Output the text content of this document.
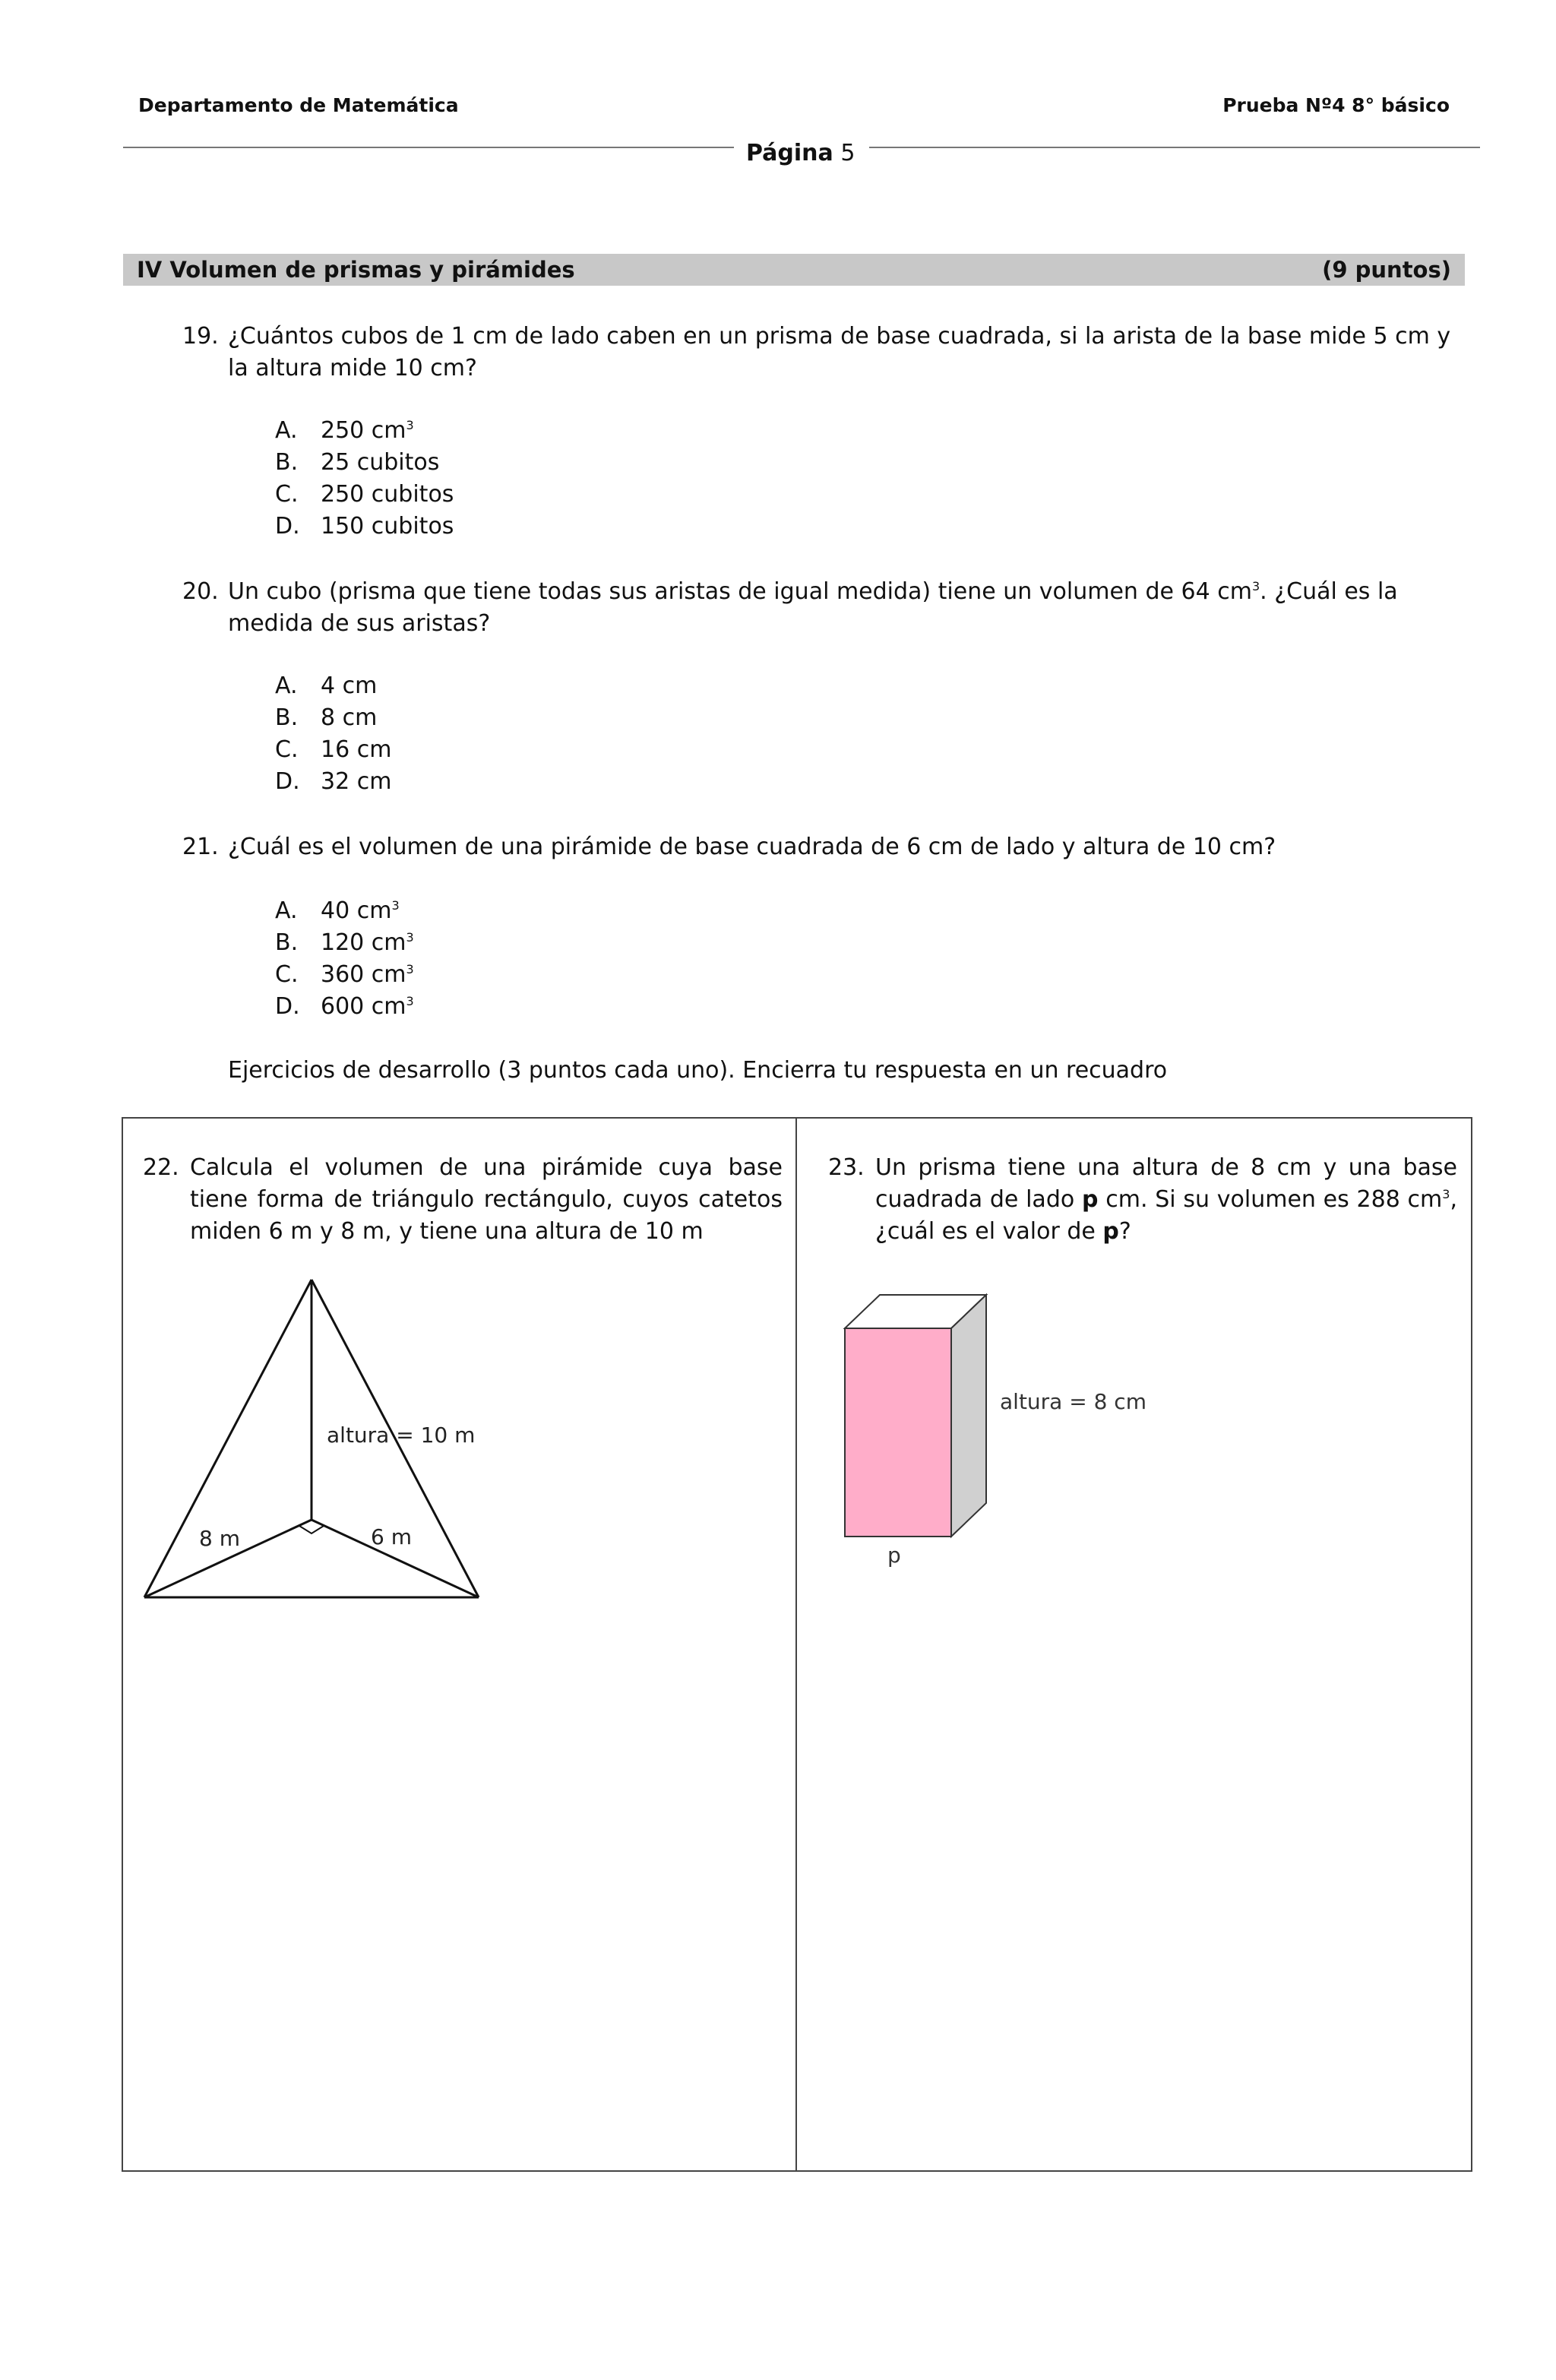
Departamento de Matemática	Prueba Nº4 8° básico
Página 5
IV Volumen de prismas y pirámides	(9 puntos)
19. ¿Cuántos cubos de 1 cm de lado caben en un prisma de base cuadrada, si la arista de la base mide 5 cm y la altura mide 10 cm?
A. 250 $cm^3$
B. 25 cubitos
C. 250 cubitos
D. 150 cubitos
20. Un cubo (prisma que tiene todas sus aristas de igual medida) tiene un volumen de 64 $cm^3$. ¿Cuál es la medida de sus aristas?
A. 4 cm
B. 8 cm
C. 16 cm
D. 32 cm
21. ¿Cuál es el volumen de una pirámide de base cuadrada de 6 cm de lado y altura de 10 cm?
A. 40 $cm^3$
B. 120 $cm^3$
C. 360 $cm^3$
D. 600 $cm^3$
Ejercicios de desarrollo (3 puntos cada uno). Encierra tu respuesta en un recuadro
22. Calcula el volumen de una pirámide cuya base tiene forma de triángulo rectángulo, cuyos catetos miden 6 m y 8 m, y tiene una altura de 10 m
altura = 10 m
8 m	6 m
23. Un prisma tiene una altura de 8 cm y una base cuadrada de lado p cm. Si su volumen es 288 $cm^3$, ¿cuál es el valor de p?
altura = 8 cm
p
